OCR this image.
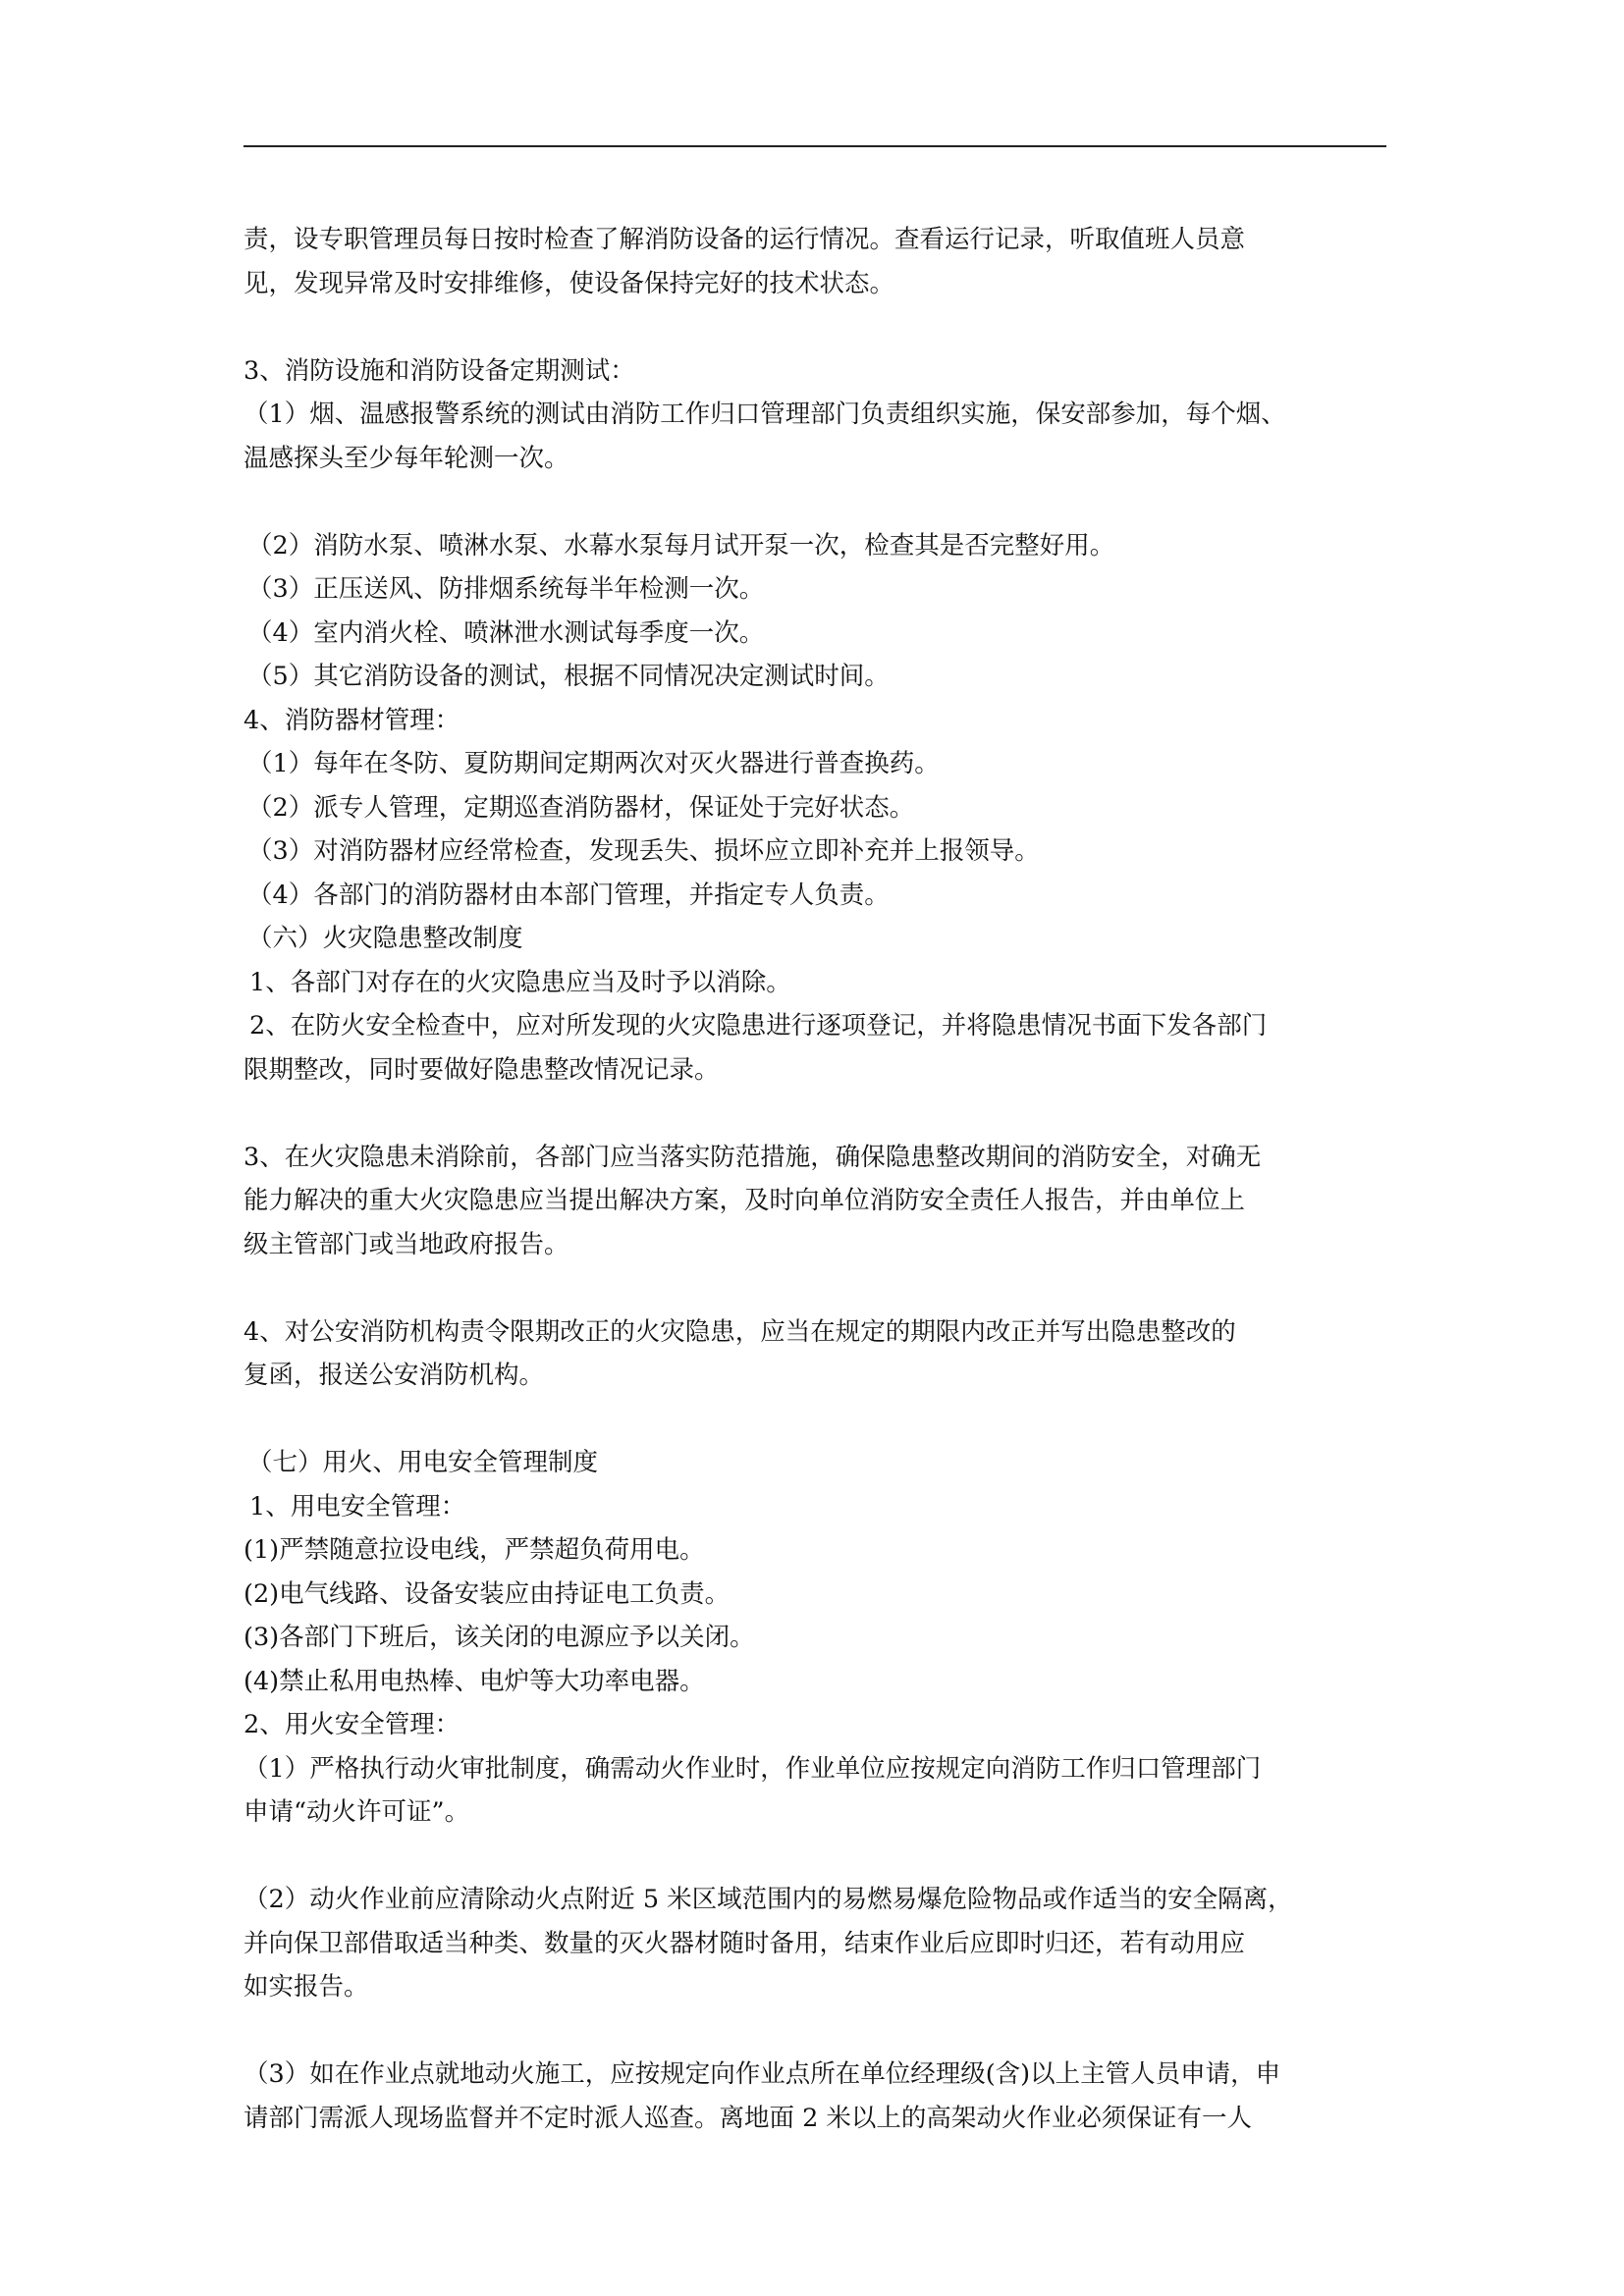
责，设专职管理员每日按时检查了解消防设备的运行情况。查看运行记录，听取值班人员意
见，发现异常及时安排维修，使设备保持完好的技术状态。
3、消防设施和消防设备定期测试：
（1）烟、温感报警系统的测试由消防工作归口管理部门负责组织实施，保安部参加，每个烟、
温感探头至少每年轮测一次。
（2）消防水泵、喷淋水泵、水幕水泵每月试开泵一次，检查其是否完整好用。
（3）正压送风、防排烟系统每半年检测一次。
（4）室内消火栓、喷淋泄水测试每季度一次。
（5）其它消防设备的测试，根据不同情况决定测试时间。
4、消防器材管理：
（1）每年在冬防、夏防期间定期两次对灭火器进行普查换药。
（2）派专人管理，定期巡查消防器材，保证处于完好状态。
（3）对消防器材应经常检查，发现丢失、损坏应立即补充并上报领导。
（4）各部门的消防器材由本部门管理，并指定专人负责。
（六）火灾隐患整改制度
1、各部门对存在的火灾隐患应当及时予以消除。
2、在防火安全检查中，应对所发现的火灾隐患进行逐项登记，并将隐患情况书面下发各部门
限期整改，同时要做好隐患整改情况记录。
3、在火灾隐患未消除前，各部门应当落实防范措施，确保隐患整改期间的消防安全，对确无
能力解决的重大火灾隐患应当提出解决方案，及时向单位消防安全责任人报告，并由单位上
级主管部门或当地政府报告。
4、对公安消防机构责令限期改正的火灾隐患，应当在规定的期限内改正并写出隐患整改的
复函，报送公安消防机构。
（七）用火、用电安全管理制度
1、用电安全管理：
(1)严禁随意拉设电线，严禁超负荷用电。
(2)电气线路、设备安装应由持证电工负责。
(3)各部门下班后，该关闭的电源应予以关闭。
(4)禁止私用电热棒、电炉等大功率电器。
2、用火安全管理：
（1）严格执行动火审批制度，确需动火作业时，作业单位应按规定向消防工作归口管理部门
申请“动火许可证”。
（2）动火作业前应清除动火点附近 5 米区域范围内的易燃易爆危险物品或作适当的安全隔离，
并向保卫部借取适当种类、数量的灭火器材随时备用，结束作业后应即时归还，若有动用应
如实报告。
（3）如在作业点就地动火施工，应按规定向作业点所在单位经理级(含)以上主管人员申请，申
请部门需派人现场监督并不定时派人巡查。离地面 2 米以上的高架动火作业必须保证有一人
